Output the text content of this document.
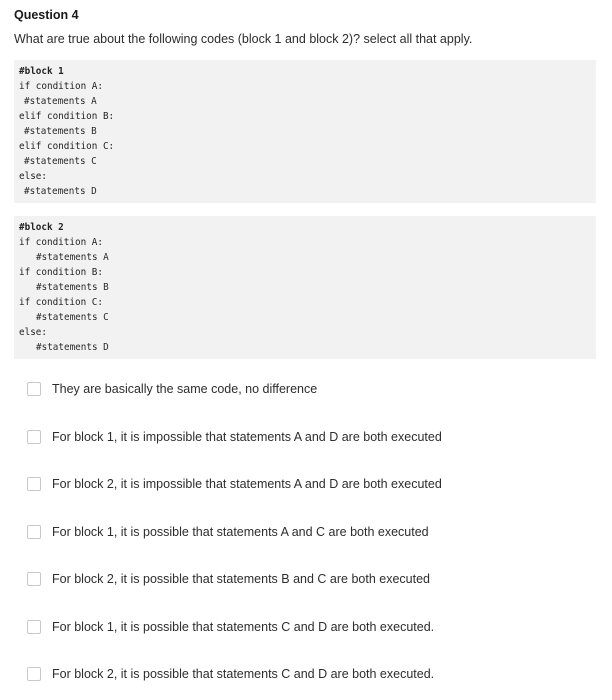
Question 4
What are true about the following codes (block 1 and block 2)? select all that apply.
#block 1
if condition A:
#statements A
elif condition B:
#statements B
elif condition C:
#statements C
else:
#statements D
#block 2
if condition A:
#statements A
if condition B:
#statements B
if condition C:
#statements C
else:
#statements D
They are basically the same code, no difference
For block 1, it is impossible that statements A and D are both executed
For block 2, it is impossible that statements A and D are both executed
For block 1, it is possible that statements A and C are both executed
For block 2, it is possible that statements B and C are both executed
For block 1, it is possible that statements C and D are both executed.
For block 2, it is possible that statements C and D are both executed.
